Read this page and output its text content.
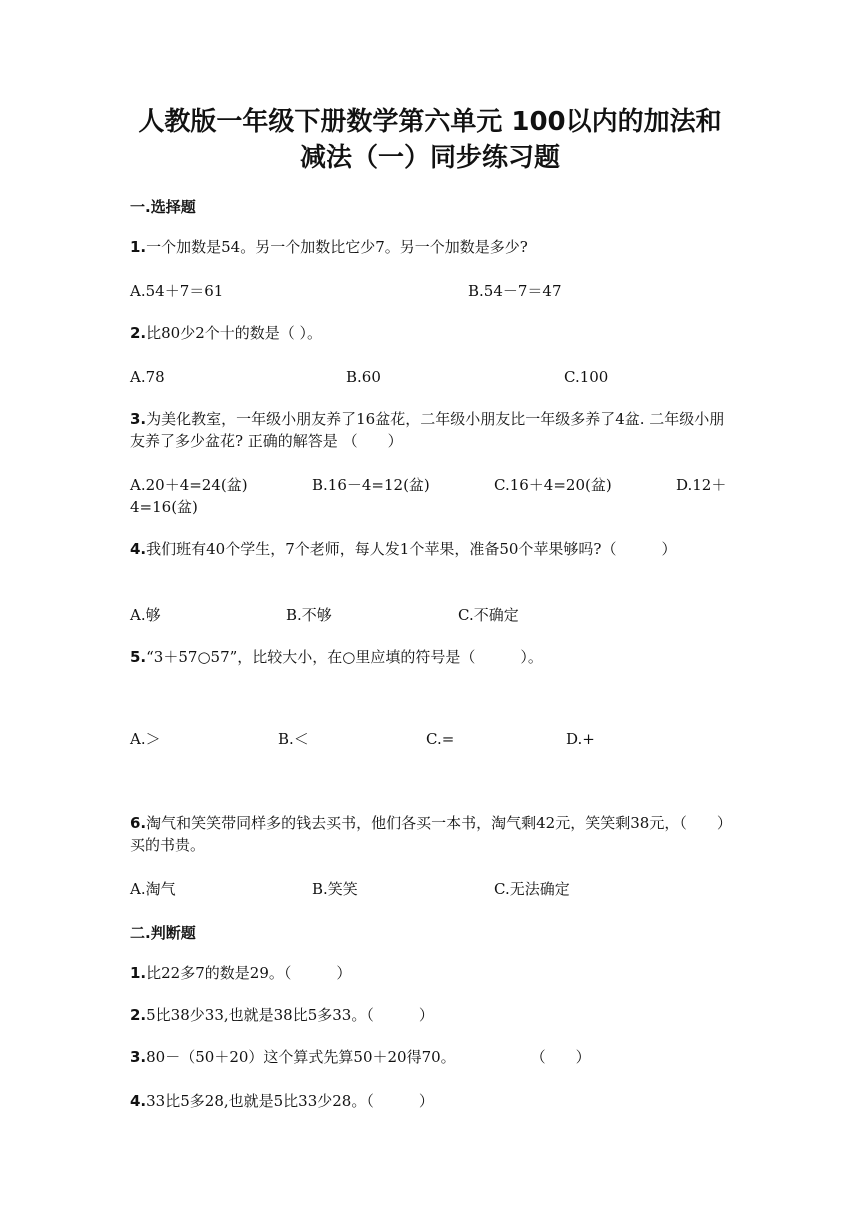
人教版一年级下册数学第六单元 100以内的加法和
减法（一）同步练习题
一.选择题
1.一个加数是54。另一个加数比它少7。另一个加数是多少?
A.54＋7＝61	B.54－7＝47
2.比80少2个十的数是（ ）。
A.78	B.60	C.100
3.为美化教室，一年级小朋友养了16盆花，二年级小朋友比一年级多养了4盆. 二年级小朋友养了多少盆花? 正确的解答是 （　　）
A.20＋4=24(盆)	B.16－4=12(盆)	C.16＋4=20(盆)	D.12＋4=16(盆)
4.我们班有40个学生，7个老师，每人发1个苹果，准备50个苹果够吗?（　　　）
A.够	B.不够	C.不确定
5.“3＋57○57”，比较大小，在○里应填的符号是（　　　）。
A.＞	B.＜	C.=	D.+
6.淘气和笑笑带同样多的钱去买书，他们各买一本书，淘气剩42元，笑笑剩38元，（　　）买的书贵。
A.淘气	B.笑笑	C.无法确定
二.判断题
1.比22多7的数是29。（　　　）
2.5比38少33,也就是38比5多33。（　　　）
3.80－（50＋20）这个算式先算50＋20得70。　　　　　　（　　）
4.33比5多28,也就是5比33少28。（　　　）
